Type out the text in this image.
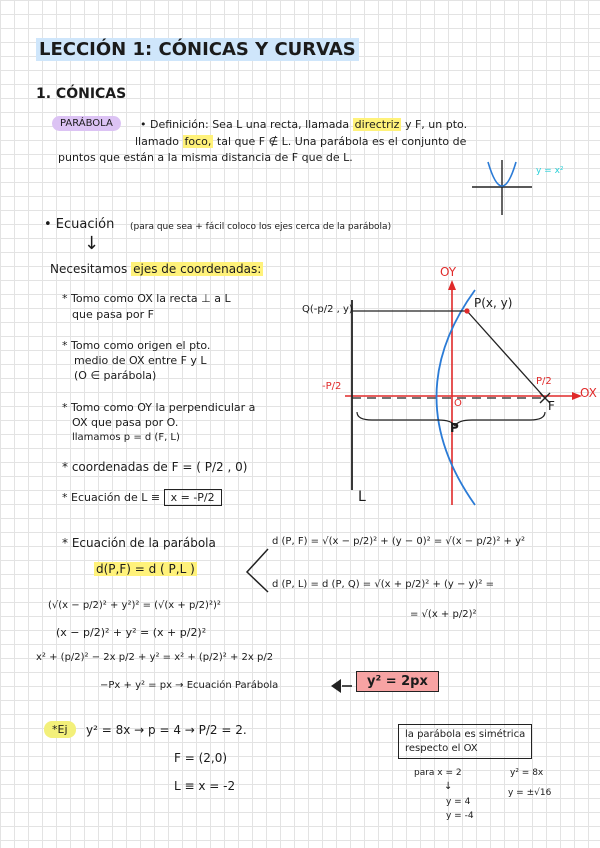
LECCIÓN 1: CÓNICAS Y CURVAS
1. CÓNICAS
PARÁBOLA	• Definición: Sea L una recta, llamada directriz y F, un pto.
llamado foco, tal que F ∉ L. Una parábola es el conjunto de
puntos que están a la misma distancia de F que de L.
y = x²
• Ecuación (para que sea + fácil coloco los ejes cerca de la parábola)
↓
Necesitamos ejes de coordenadas:
* Tomo como OX la recta ⊥ a L
que pasa por F
* Tomo como origen el pto.
medio de OX entre F y L
(O ∈ parábola)
* Tomo como OY la perpendicular a
OX que pasa por O.
llamamos p = d (F, L)
* coordenadas de F = ( P/2 , 0)
* Ecuación de L ≡ x = -P/2
OY
P(x, y)
Q(-p/2 , y)
-P/2	P/2
OX
O	F
P
L
* Ecuación de la parábola
d(P,F) = d ( P,L )
d (P, F) = √(x − p/2)² + (y − 0)² = √(x − p/2)² + y²
d (P, L) = d (P, Q) = √(x + p/2)² + (y − y)² =
= √(x + p/2)²
(√(x − p/2)² + y²)² = (√(x + p/2)²)²
(x − p/2)² + y² = (x + p/2)²
x² + (p/2)² − 2x p/2 + y² = x² + (p/2)² + 2x p/2
−Px + y² = px → Ecuación Parábola	y² = 2px
*Ej	y² = 8x → p = 4 → P/2 = 2.
F = (2,0)
L ≡ x = -2
la parábola es simétrica
respecto el OX
para x = 2
↓
y = 4
y = -4
y² = 8x
y = ±√16
